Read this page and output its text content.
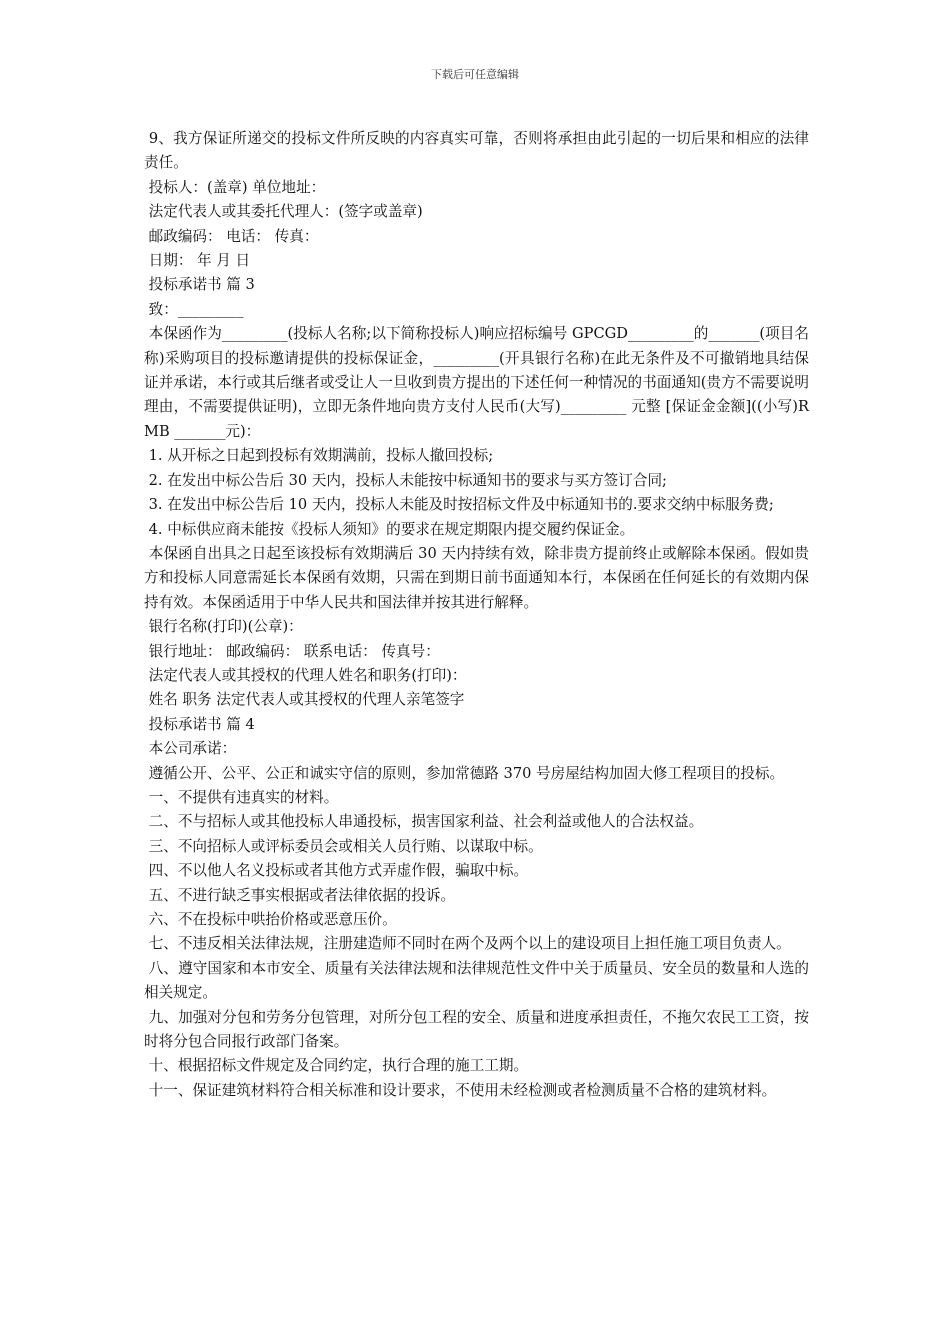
下载后可任意编辑

9、我方保证所递交的投标文件所反映的内容真实可靠，否则将承担由此引起的一切后果和相应的法律责任。

投标人：(盖章) 单位地址：

法定代表人或其委托代理人：(签字或盖章)

邮政编码： 电话： 传真：

日期： 年 月 日

投标承诺书 篇 3

致：_________

本保函作为_________(投标人名称;以下简称投标人)响应招标编号 GPCGD_________的_______(项目名称)采购项目的投标邀请提供的投标保证金，_________(开具银行名称)在此无条件及不可撤销地具结保证并承诺，本行或其后继者或受让人一旦收到贵方提出的下述任何一种情况的书面通知(贵方不需要说明理由，不需要提供证明)，立即无条件地向贵方支付人民币(大写)_________ 元整 [保证金金额]((小写)RMB _______元)：

1. 从开标之日起到投标有效期满前，投标人撤回投标;

2. 在发出中标公告后 30 天内，投标人未能按中标通知书的要求与买方签订合同;

3. 在发出中标公告后 10 天内，投标人未能及时按招标文件及中标通知书的.要求交纳中标服务费;

4. 中标供应商未能按《投标人须知》的要求在规定期限内提交履约保证金。

本保函自出具之日起至该投标有效期满后 30 天内持续有效，除非贵方提前终止或解除本保函。假如贵方和投标人同意需延长本保函有效期，只需在到期日前书面通知本行，本保函在任何延长的有效期内保持有效。本保函适用于中华人民共和国法律并按其进行解释。

银行名称(打印)(公章)：

银行地址： 邮政编码： 联系电话： 传真号：

法定代表人或其授权的代理人姓名和职务(打印)：

姓名 职务 法定代表人或其授权的代理人亲笔签字

投标承诺书 篇 4

本公司承诺：

遵循公开、公平、公正和诚实守信的原则，参加常德路 370 号房屋结构加固大修工程项目的投标。

一、不提供有违真实的材料。

二、不与招标人或其他投标人串通投标，损害国家利益、社会利益或他人的合法权益。

三、不向招标人或评标委员会或相关人员行贿、以谋取中标。

四、不以他人名义投标或者其他方式弄虚作假，骗取中标。

五、不进行缺乏事实根据或者法律依据的投诉。

六、不在投标中哄抬价格或恶意压价。

七、不违反相关法律法规，注册建造师不同时在两个及两个以上的建设项目上担任施工项目负责人。

八、遵守国家和本市安全、质量有关法律法规和法律规范性文件中关于质量员、安全员的数量和人选的相关规定。

九、加强对分包和劳务分包管理，对所分包工程的安全、质量和进度承担责任，不拖欠农民工工资，按时将分包合同报行政部门备案。

十、根据招标文件规定及合同约定，执行合理的施工工期。

十一、保证建筑材料符合相关标准和设计要求，不使用未经检测或者检测质量不合格的建筑材料。
